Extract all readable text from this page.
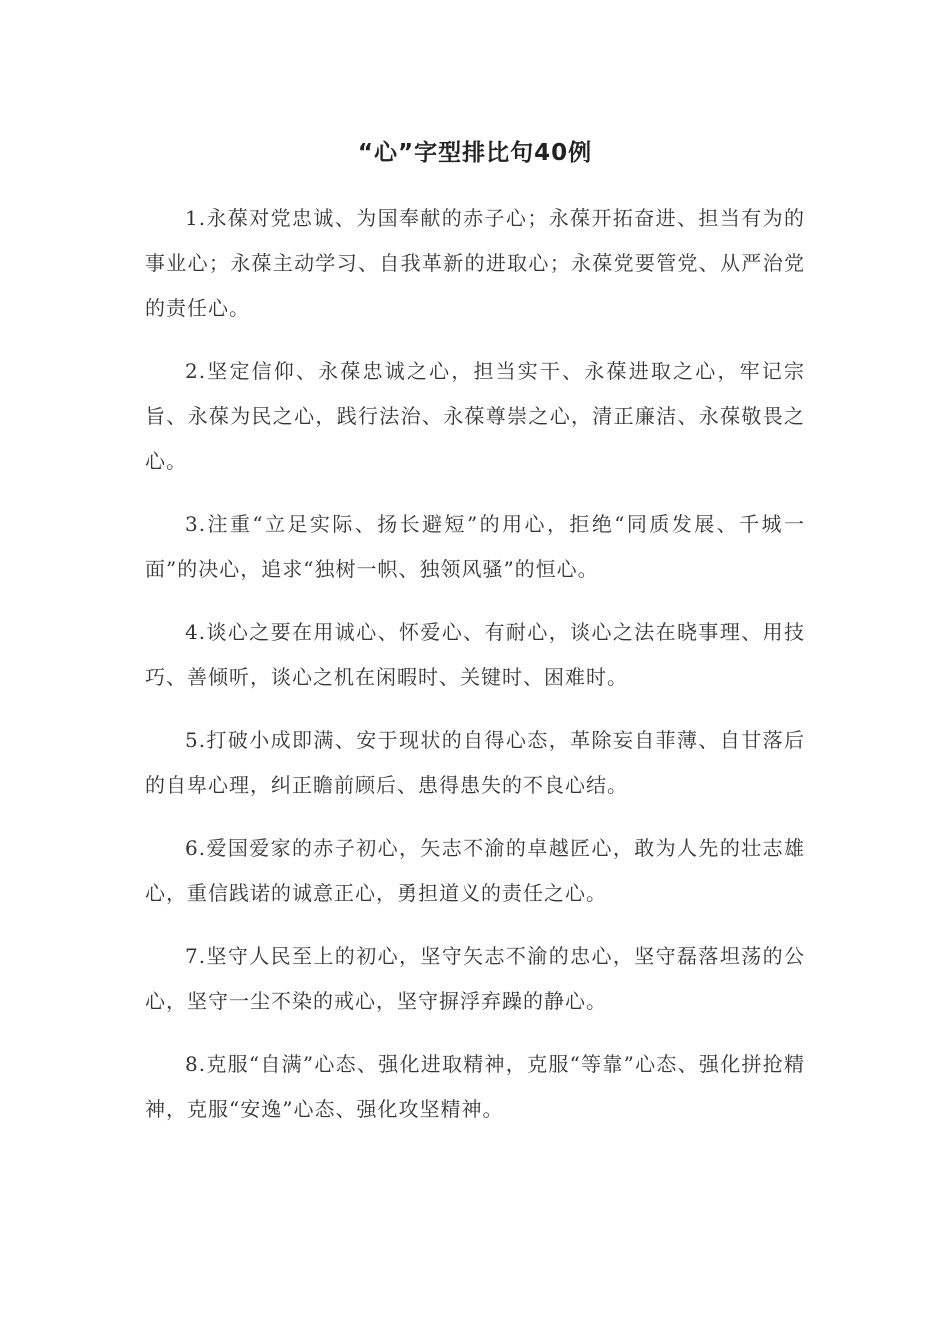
“心”字型排比句40例

1.永葆对党忠诚、为国奉献的赤子心；永葆开拓奋进、担当有为的事业心；永葆主动学习、自我革新的进取心；永葆党要管党、从严治党的责任心。

2.坚定信仰、永葆忠诚之心，担当实干、永葆进取之心，牢记宗旨、永葆为民之心，践行法治、永葆尊崇之心，清正廉洁、永葆敬畏之心。

3.注重“立足实际、扬长避短”的用心，拒绝“同质发展、千城一面”的决心，追求“独树一帜、独领风骚”的恒心。

4.谈心之要在用诚心、怀爱心、有耐心，谈心之法在晓事理、用技巧、善倾听，谈心之机在闲暇时、关键时、困难时。

5.打破小成即满、安于现状的自得心态，革除妄自菲薄、自甘落后的自卑心理，纠正瞻前顾后、患得患失的不良心结。

6.爱国爱家的赤子初心，矢志不渝的卓越匠心，敢为人先的壮志雄心，重信践诺的诚意正心，勇担道义的责任之心。

7.坚守人民至上的初心，坚守矢志不渝的忠心，坚守磊落坦荡的公心，坚守一尘不染的戒心，坚守摒浮弃躁的静心。

8.克服“自满”心态、强化进取精神，克服“等靠”心态、强化拼抢精神，克服“安逸”心态、强化攻坚精神。
